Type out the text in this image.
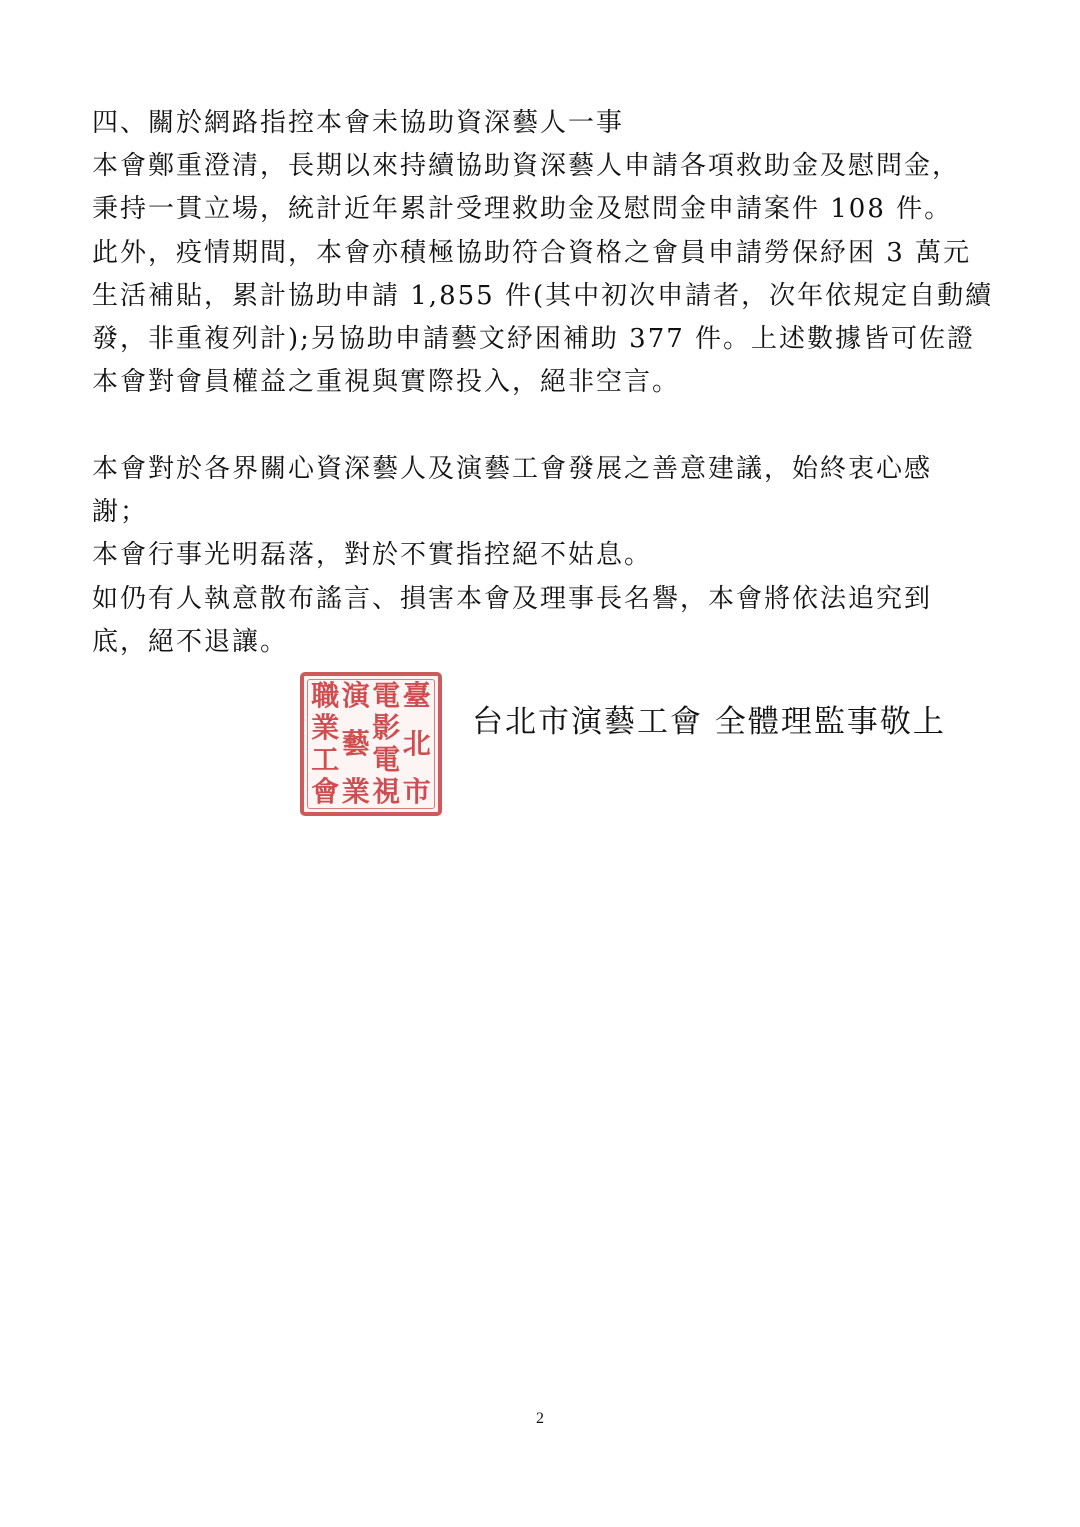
四、關於網路指控本會未協助資深藝人一事
本會鄭重澄清，長期以來持續協助資深藝人申請各項救助金及慰問金，
秉持一貫立場，統計近年累計受理救助金及慰問金申請案件 108 件。
此外，疫情期間，本會亦積極協助符合資格之會員申請勞保紓困 3 萬元
生活補貼，累計協助申請 1,855 件(其中初次申請者，次年依規定自動續
發，非重複列計);另協助申請藝文紓困補助 377 件。上述數據皆可佐證
本會對會員權益之重視與實際投入，絕非空言。
本會對於各界關心資深藝人及演藝工會發展之善意建議，始終衷心感
謝；
本會行事光明磊落，對於不實指控絕不姑息。
如仍有人執意散布謠言、損害本會及理事長名譽，本會將依法追究到
底，絕不退讓。
臺
北
市
電
影
電
視
演
藝
業
職
業
工
會
台北市演藝工會 全體理監事敬上
2
